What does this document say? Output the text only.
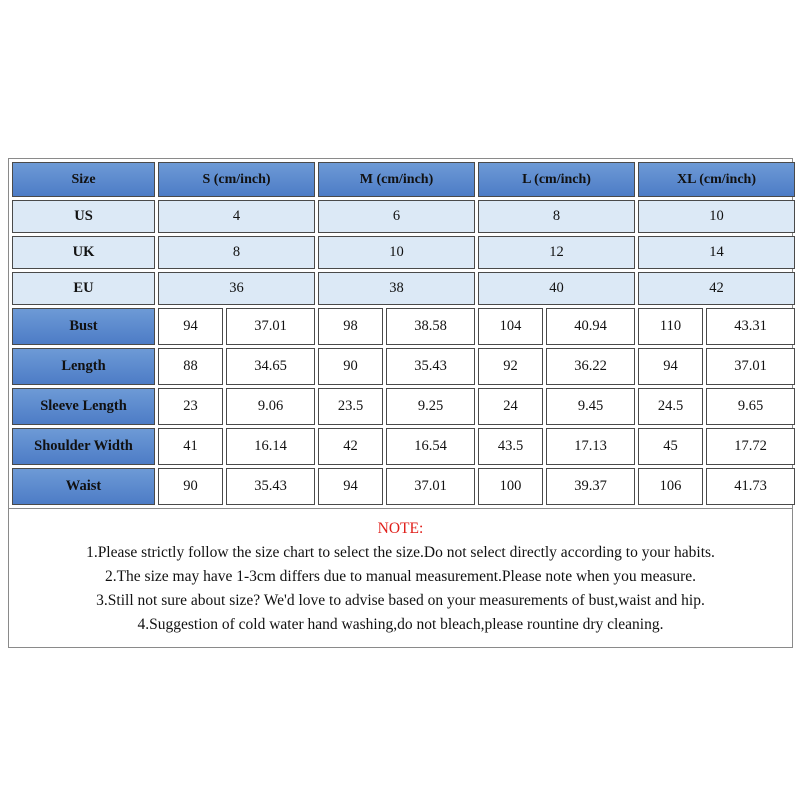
Size	S (cm/inch)		M (cm/inch)		L (cm/inch)		XL (cm/inch)	
US	4		6		8		10	
UK	8		10		12		14	
EU	36		38		40		42	
Bust	94	37.01	98	38.58	104	40.94	110	43.31
Length	88	34.65	90	35.43	92	36.22	94	37.01
Sleeve Length	23	9.06	23.5	9.25	24	9.45	24.5	9.65
Shoulder Width	41	16.14	42	16.54	43.5	17.13	45	17.72
Waist	90	35.43	94	37.01	100	39.37	106	41.73
NOTE:
1.Please strictly follow the size chart to select the size.Do not select directly according to your habits.
2.The size may have 1-3cm differs due to manual measurement.Please note when you measure.
3.Still not sure about size? We'd love to advise based on your measurements of bust,waist and hip.
4.Suggestion of cold water hand washing,do not bleach,please rountine dry cleaning.
